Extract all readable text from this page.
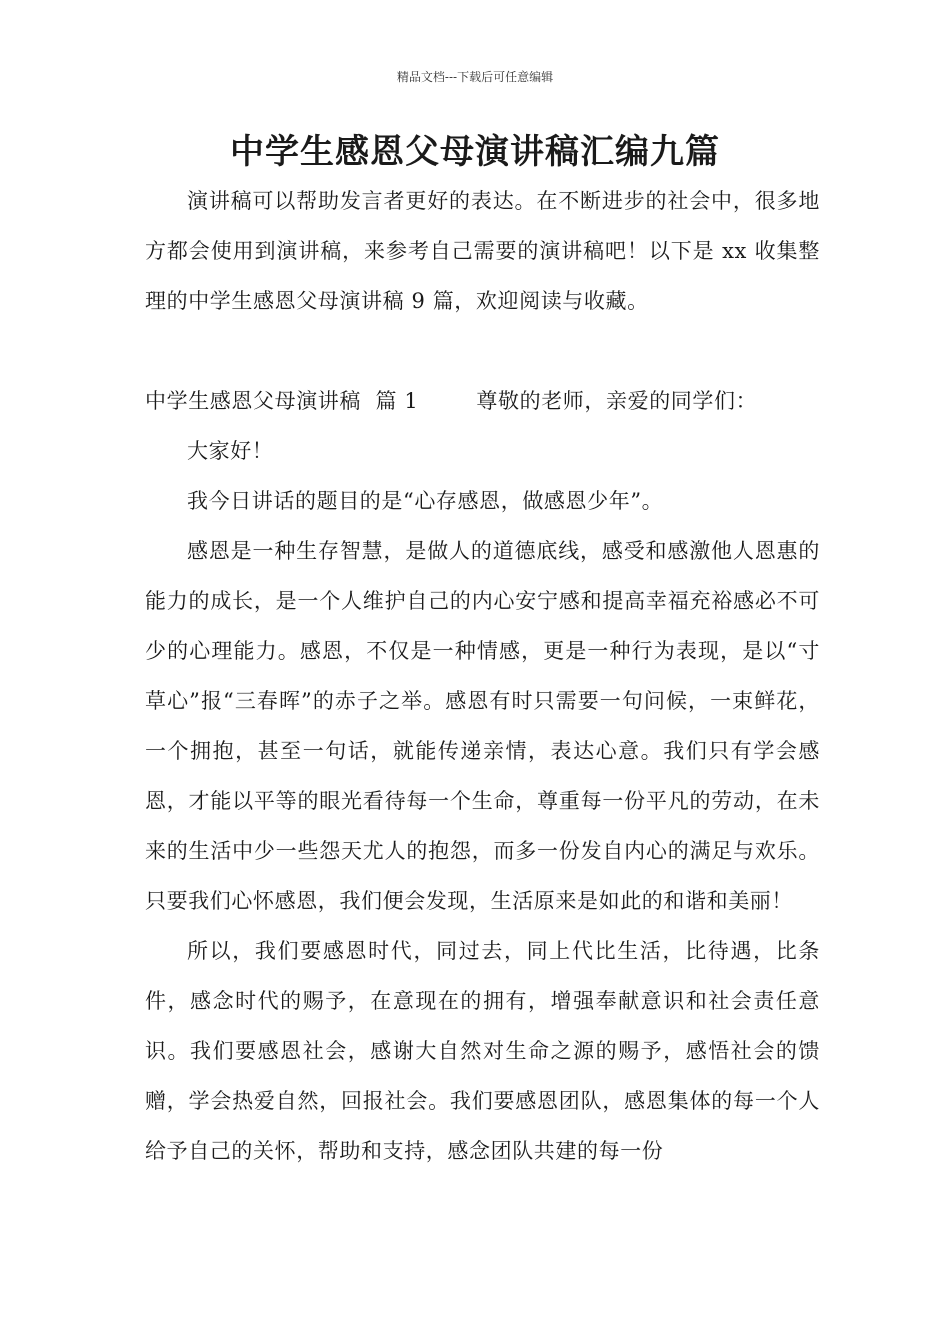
精品文档---下载后可任意编辑
中学生感恩父母演讲稿汇编九篇

演讲稿可以帮助发言者更好的表达。在不断进步的社会中，很多地方都会使用到演讲稿，来参考自己需要的演讲稿吧！以下是 xx 收集整理的中学生感恩父母演讲稿 9 篇，欢迎阅读与收藏。

中学生感恩父母演讲稿  篇 1	尊敬的老师，亲爱的同学们：

大家好！

我今日讲话的题目的是“心存感恩，做感恩少年”。

感恩是一种生存智慧，是做人的道德底线，感受和感激他人恩惠的能力的成长，是一个人维护自己的内心安宁感和提高幸福充裕感必不可少的心理能力。感恩，不仅是一种情感，更是一种行为表现，是以“寸草心”报“三春晖”的赤子之举。感恩有时只需要一句问候，一束鲜花，一个拥抱，甚至一句话，就能传递亲情，表达心意。我们只有学会感恩，才能以平等的眼光看待每一个生命，尊重每一份平凡的劳动，在未来的生活中少一些怨天尤人的抱怨，而多一份发自内心的满足与欢乐。只要我们心怀感恩，我们便会发现，生活原来是如此的和谐和美丽！

所以，我们要感恩时代，同过去，同上代比生活，比待遇，比条件，感念时代的赐予，在意现在的拥有，增强奉献意识和社会责任意识。我们要感恩社会，感谢大自然对生命之源的赐予，感悟社会的馈赠，学会热爱自然，回报社会。我们要感恩团队，感恩集体的每一个人给予自己的关怀，帮助和支持，感念团队共建的每一份
